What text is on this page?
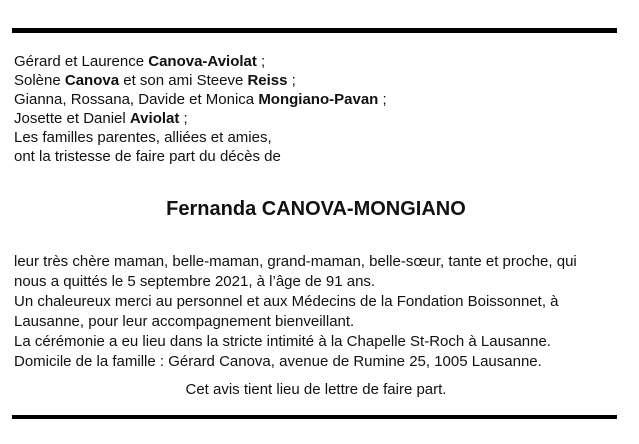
Gérard et Laurence Canova-Aviolat ;
Solène Canova et son ami Steeve Reiss ;
Gianna, Rossana, Davide et Monica Mongiano-Pavan ;
Josette et Daniel Aviolat ;
Les familles parentes, alliées et amies,
ont la tristesse de faire part du décès de
Fernanda CANOVA-MONGIANO
leur très chère maman, belle-maman, grand-maman, belle-sœur, tante et proche, qui
nous a quittés le 5 septembre 2021, à l’âge de 91 ans.
Un chaleureux merci au personnel et aux Médecins de la Fondation Boissonnet, à
Lausanne, pour leur accompagnement bienveillant.
La cérémonie a eu lieu dans la stricte intimité à la Chapelle St-Roch à Lausanne.
Domicile de la famille : Gérard Canova, avenue de Rumine 25, 1005 Lausanne.
Cet avis tient lieu de lettre de faire part.
